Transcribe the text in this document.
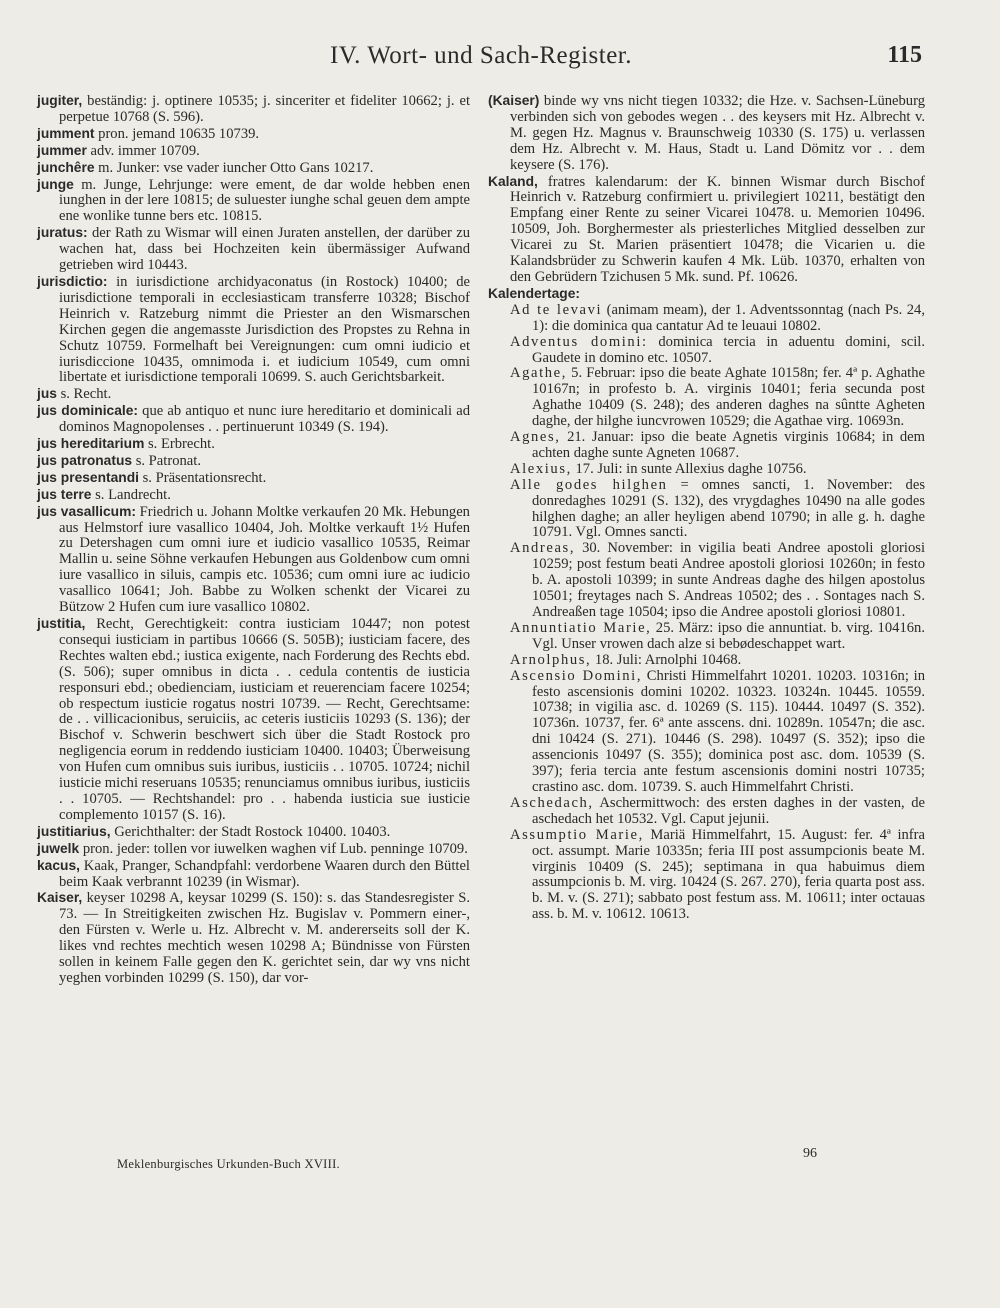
IV. Wort- und Sach-Register.	115

jugiter, beständig: j. optinere 10535; j. sinceriter et fideliter 10662; j. et perpetue 10768 (S. 596).

jumment pron. jemand 10635 10739.

jummer adv. immer 10709.

junchêre m. Junker: vse vader iuncher Otto Gans 10217.

junge m. Junge, Lehrjunge: were ement, de dar wolde hebben enen iunghen in der lere 10815; de suluester iunghe schal geuen dem ampte ene wonlike tunne bers etc. 10815.

juratus: der Rath zu Wismar will einen Juraten anstellen, der darüber zu wachen hat, dass bei Hochzeiten kein übermässiger Aufwand getrieben wird 10443.

jurisdictio: in iurisdictione archidyaconatus (in Rostock) 10400; de iurisdictione temporali in ecclesiasticam transferre 10328; Bischof Heinrich v. Ratzeburg nimmt die Priester an den Wismarschen Kirchen gegen die angemasste Jurisdiction des Propstes zu Rehna in Schutz 10759. Formelhaft bei Vereignungen: cum omni iudicio et iurisdiccione 10435, omnimoda i. et iudicium 10549, cum omni libertate et iurisdictione temporali 10699. S. auch Gerichtsbarkeit.

jus s. Recht.

jus dominicale: que ab antiquo et nunc iure hereditario et dominicali ad dominos Magnopolenses . . pertinuerunt 10349 (S. 194).

jus hereditarium s. Erbrecht.

jus patronatus s. Patronat.

jus presentandi s. Präsentationsrecht.

jus terre s. Landrecht.

jus vasallicum: Friedrich u. Johann Moltke verkaufen 20 Mk. Hebungen aus Helmstorf iure vasallico 10404, Joh. Moltke verkauft 1½ Hufen zu Detershagen cum omni iure et iudicio vasallico 10535, Reimar Mallin u. seine Söhne verkaufen Hebungen aus Goldenbow cum omni iure vasallico in siluis, campis etc. 10536; cum omni iure ac iudicio vasallico 10641; Joh. Babbe zu Wolken schenkt der Vicarei zu Bützow 2 Hufen cum iure vasallico 10802.

justitia, Recht, Gerechtigkeit: contra iusticiam 10447; non potest consequi iusticiam in partibus 10666 (S. 505B); iusticiam facere, des Rechtes walten ebd.; iustica exigente, nach Forderung des Rechts ebd. (S. 506); super omnibus in dicta . . cedula contentis de iusticia responsuri ebd.; obedienciam, iusticiam et reuerenciam facere 10254; ob respectum iusticie rogatus nostri 10739. — Recht, Gerechtsame: de . . villicacionibus, seruiciis, ac ceteris iusticiis 10293 (S. 136); der Bischof v. Schwerin beschwert sich über die Stadt Rostock pro negligencia eorum in reddendo iusticiam 10400. 10403; Überweisung von Hufen cum omnibus suis iuribus, iusticiis . . 10705. 10724; nichil iusticie michi reseruans 10535; renunciamus omnibus iuribus, iusticiis . . 10705. — Rechtshandel: pro . . habenda iusticia sue iusticie complemento 10157 (S. 16).

justitiarius, Gerichthalter: der Stadt Rostock 10400. 10403.

juwelk pron. jeder: tollen vor iuwelken waghen vif Lub. penninge 10709.

kacus, Kaak, Pranger, Schandpfahl: verdorbene Waaren durch den Büttel beim Kaak verbrannt 10239 (in Wismar).

Kaiser, keyser 10298 A, keysar 10299 (S. 150): s. das Standesregister S. 73. — In Streitigkeiten zwischen Hz. Bugislav v. Pommern einer-, den Fürsten v. Werle u. Hz. Albrecht v. M. andererseits soll der K. likes vnd rechtes mechtich wesen 10298 A; Bündnisse von Fürsten sollen in keinem Falle gegen den K. gerichtet sein, dar wy vns nicht yeghen vorbinden 10299 (S. 150), dar vor-

(Kaiser) binde wy vns nicht tiegen 10332; die Hze. v. Sachsen-Lüneburg verbinden sich von gebodes wegen . . des keysers mit Hz. Albrecht v. M. gegen Hz. Magnus v. Braunschweig 10330 (S. 175) u. verlassen dem Hz. Albrecht v. M. Haus, Stadt u. Land Dömitz vor . . dem keysere (S. 176).

Kaland, fratres kalendarum: der K. binnen Wismar durch Bischof Heinrich v. Ratzeburg confirmiert u. privilegiert 10211, bestätigt den Empfang einer Rente zu seiner Vicarei 10478. u. Memorien 10496. 10509, Joh. Borghermester als priesterliches Mitglied desselben zur Vicarei zu St. Marien präsentiert 10478; die Vicarien u. die Kalandsbrüder zu Schwerin kaufen 4 Mk. Lüb. 10370, erhalten von den Gebrüdern Tzichusen 5 Mk. sund. Pf. 10626.

Kalendertage:

Ad te levavi (animam meam), der 1. Adventssonntag (nach Ps. 24, 1): die dominica qua cantatur Ad te leuaui 10802.

Adventus domini: dominica tercia in aduentu domini, scil. Gaudete in domino etc. 10507.

Agathe, 5. Februar: ipso die beate Aghate 10158n; fer. 4ª p. Aghathe 10167n; in profesto b. A. virginis 10401; feria secunda post Aghathe 10409 (S. 248); des anderen daghes na sûntte Agheten daghe, der hilghe iuncvrowen 10529; die Agathae virg. 10693n.

Agnes, 21. Januar: ipso die beate Agnetis virginis 10684; in dem achten daghe sunte Agneten 10687.

Alexius, 17. Juli: in sunte Allexius daghe 10756.

Alle godes hilghen = omnes sancti, 1. November: des donredaghes 10291 (S. 132), des vrygdaghes 10490 na alle godes hilghen daghe; an aller heyligen abend 10790; in alle g. h. daghe 10791. Vgl. Omnes sancti.

Andreas, 30. November: in vigilia beati Andree apostoli gloriosi 10259; post festum beati Andree apostoli gloriosi 10260n; in festo b. A. apostoli 10399; in sunte Andreas daghe des hilgen apostolus 10501; freytages nach S. Andreas 10502; des . . Sontages nach S. Andreaßen tage 10504; ipso die Andree apostoli gloriosi 10801.

Annuntiatio Marie, 25. März: ipso die annuntiat. b. virg. 10416n. Vgl. Unser vrowen dach alze si bebødeschappet wart.

Arnolphus, 18. Juli: Arnolphi 10468.

Ascensio Domini, Christi Himmelfahrt 10201. 10203. 10316n; in festo ascensionis domini 10202. 10323. 10324n. 10445. 10559. 10738; in vigilia asc. d. 10269 (S. 115). 10444. 10497 (S. 352). 10736n. 10737, fer. 6ª ante asscens. dni. 10289n. 10547n; die asc. dni 10424 (S. 271). 10446 (S. 298). 10497 (S. 352); ipso die assencionis 10497 (S. 355); dominica post asc. dom. 10539 (S. 397); feria tercia ante festum ascensionis domini nostri 10735; crastino asc. dom. 10739. S. auch Himmelfahrt Christi.

Aschedach, Aschermittwoch: des ersten daghes in der vasten, de aschedach het 10532. Vgl. Caput jejunii.

Assumptio Marie, Mariä Himmelfahrt, 15. August: fer. 4ª infra oct. assumpt. Marie 10335n; feria III post assumpcionis beate M. virginis 10409 (S. 245); septimana in qua habuimus diem assumpcionis b. M. virg. 10424 (S. 267. 270), feria quarta post ass. b. M. v. (S. 271); sabbato post festum ass. M. 10611; inter octauas ass. b. M. v. 10612. 10613.

Meklenburgisches Urkunden-Buch XVIII.
96
